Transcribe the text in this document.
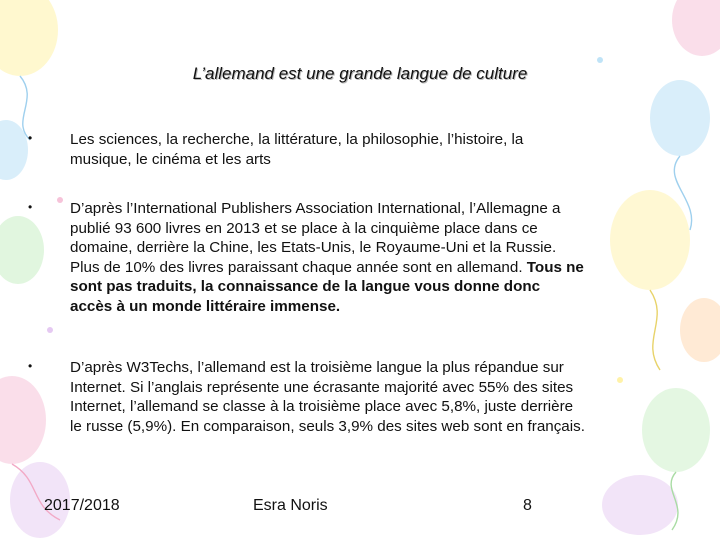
L’allemand est une grande langue de culture
• Les sciences, la recherche, la littérature, la philosophie, l’histoire, la musique, le cinéma et les arts
• D’après l’International Publishers Association International, l’Allemagne a publié 93 600 livres en 2013 et se place à la cinquième place dans ce domaine, derrière la Chine, les Etats-Unis, le Royaume-Uni et la Russie. Plus de 10% des livres paraissant chaque année sont en allemand. Tous ne sont pas traduits, la connaissance de la langue vous donne donc accès à un monde littéraire immense.
• D’après W3Techs, l’allemand est la troisième langue la plus répandue sur Internet. Si l’anglais représente une écrasante majorité avec 55% des sites Internet, l’allemand se classe à la troisième place avec 5,8%, juste derrière le russe (5,9%). En comparaison, seuls 3,9% des sites web sont en français.
2017/2018	Esra Noris	8
